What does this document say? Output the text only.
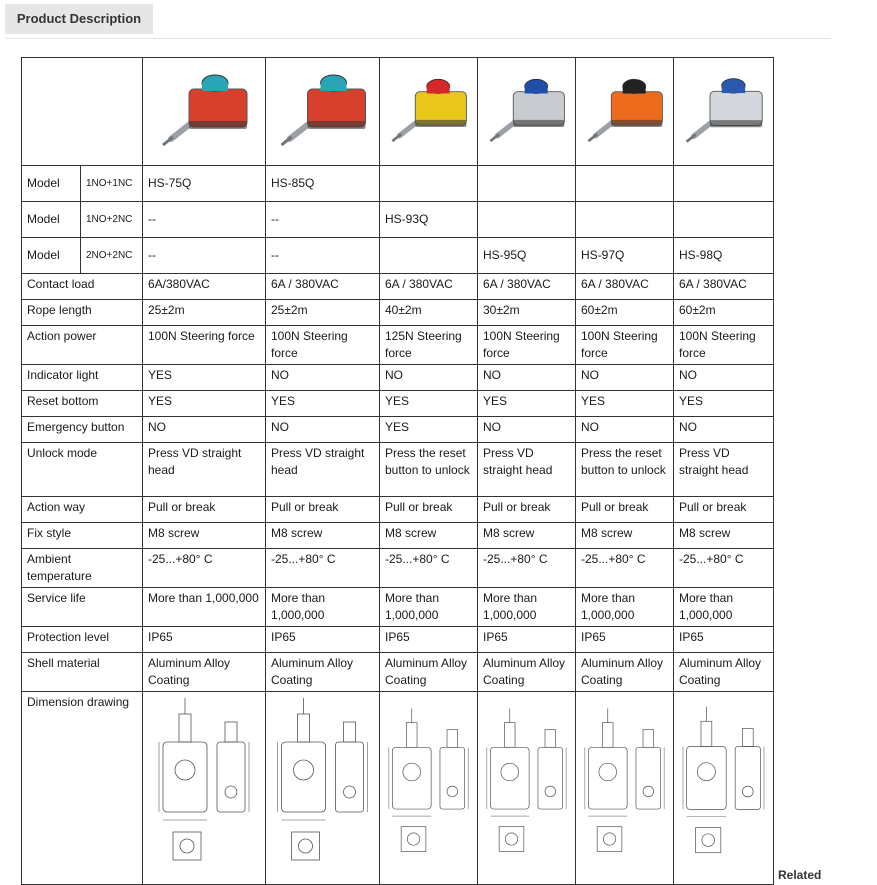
Product Description

Model	1NO+1NC	HS-75Q	HS-85Q				
Model	1NO+2NC	--	--	HS-93Q			
Model	2NO+2NC	--	--		HS-95Q	HS-97Q	HS-98Q
Contact load		6A/380VAC	6A / 380VAC	6A / 380VAC	6A / 380VAC	6A / 380VAC	6A / 380VAC
Rope length		25±2m	25±2m	40±2m	30±2m	60±2m	60±2m
Action power		100N Steering force	100N Steering force	125N Steering force	100N Steering force	100N Steering force	100N Steering force
Indicator light		YES	NO	NO	NO	NO	NO
Reset bottom		YES	YES	YES	YES	YES	YES
Emergency button		NO	NO	YES	NO	NO	NO
Unlock mode		Press VD straight head	Press VD straight head	Press the reset button to unlock	Press VD straight head	Press the reset button to unlock	Press VD straight head
Action way		Pull or break	Pull or break	Pull or break	Pull or break	Pull or break	Pull or break
Fix style		M8 screw	M8 screw	M8 screw	M8 screw	M8 screw	M8 screw
Ambient temperature		-25...+80° C	-25...+80° C	-25...+80° C	-25...+80° C	-25...+80° C	-25...+80° C
Service life		More than 1,000,000	More than 1,000,000	More than 1,000,000	More than 1,000,000	More than 1,000,000	More than 1,000,000
Protection level		IP65	IP65	IP65	IP65	IP65	IP65
Shell material		Aluminum Alloy Coating	Aluminum Alloy Coating	Aluminum Alloy Coating	Aluminum Alloy Coating	Aluminum Alloy Coating	Aluminum Alloy Coating
Dimension drawing	

Related
